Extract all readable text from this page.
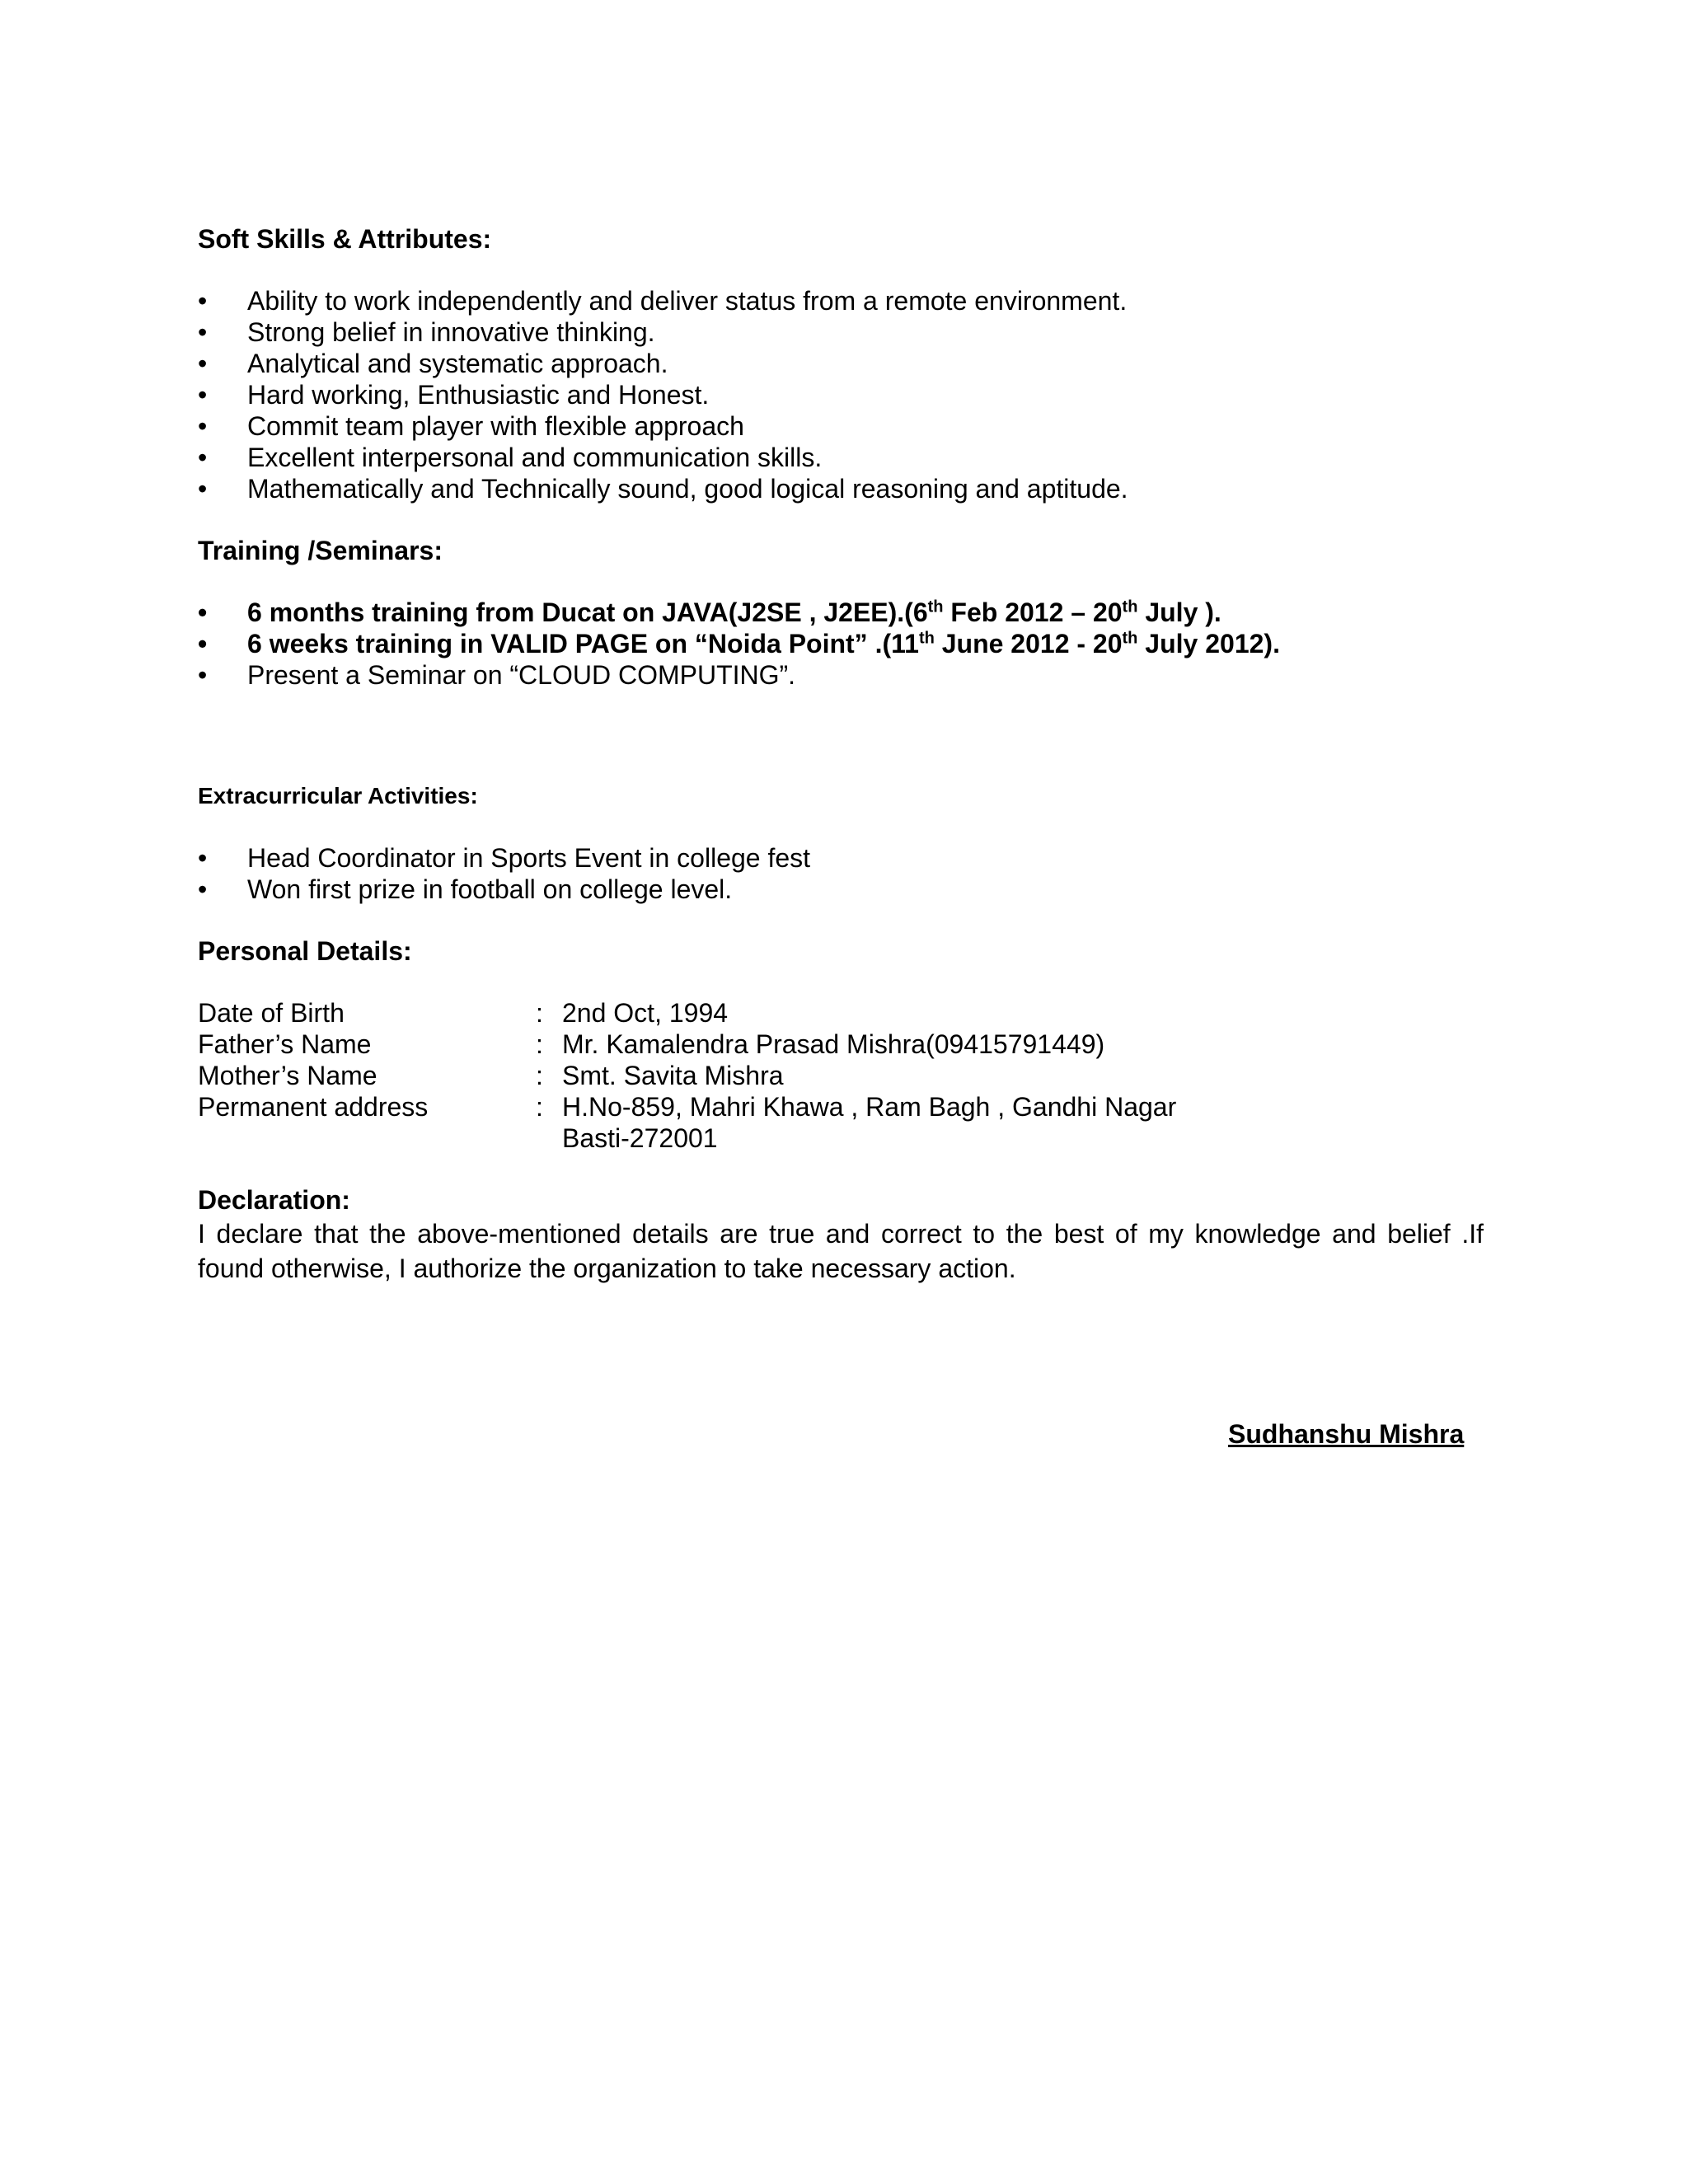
Soft Skills & Attributes:

• Ability to work independently and deliver status from a remote environment.
• Strong belief in innovative thinking.
• Analytical and systematic approach.
• Hard working, Enthusiastic and Honest.
• Commit team player with flexible approach
• Excellent interpersonal and communication skills.
• Mathematically and Technically sound, good logical reasoning and aptitude.

Training /Seminars:

• 6 months training from Ducat on JAVA(J2SE , J2EE).(6th Feb 2012 – 20th July ).
• 6 weeks training in VALID PAGE on “Noida Point” .(11th June 2012 - 20th July 2012).
• Present a Seminar on “CLOUD COMPUTING”.

Extracurricular Activities:

• Head Coordinator in Sports Event in college fest
• Won first prize in football on college level.

Personal Details:

Date of Birth	:	2nd Oct, 1994
Father’s Name	:	Mr. Kamalendra Prasad Mishra(09415791449)
Mother’s Name	:	Smt. Savita Mishra
Permanent address	:	H.No-859, Mahri Khawa , Ram Bagh , Gandhi Nagar
Basti-272001

Declaration:

I declare that the above-mentioned details are true and correct to the best of my knowledge and belief .If found otherwise, I authorize the organization to take necessary action.

Sudhanshu Mishra
